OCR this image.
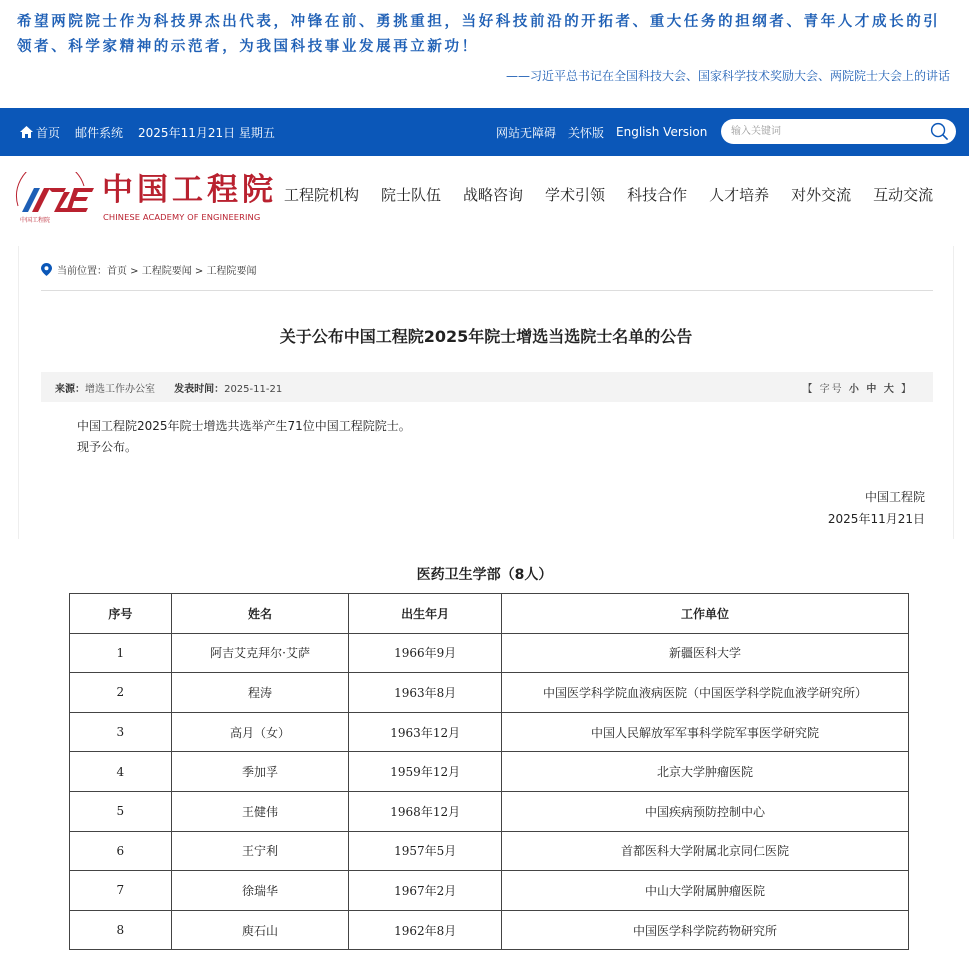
希望两院院士作为科技界杰出代表，冲锋在前、勇挑重担，当好科技前沿的开拓者、重大任务的担纲者、青年人才成长的引领者、科学家精神的示范者，为我国科技事业发展再立新功！
——习近平总书记在全国科技大会、国家科学技术奖励大会、两院院士大会上的讲话
首页 邮件系统 2025年11月21日 星期五	网站无障碍 关怀版 English Version
输入关键词
中国工程院
中国工程院
CHINESE ACADEMY OF ENGINEERING
工程院机构 院士队伍 战略咨询 学术引领 科技合作 人才培养 对外交流 互动交流
当前位置：首页 > 工程院要闻 > 工程院要闻
关于公布中国工程院2025年院士增选当选院士名单的公告
来源：增选工作办公室 发表时间：2025-11-21	【 字号 小 中 大 】
中国工程院2025年院士增选共选举产生71位中国工程院院士。
现予公布。
中国工程院
2025年11月21日
医药卫生学部（8人）
序号	姓名	出生年月	工作单位
1	阿吉艾克拜尔·艾萨	1966年9月	新疆医科大学
2	程涛	1963年8月	中国医学科学院血液病医院（中国医学科学院血液学研究所）
3	高月（女）	1963年12月	中国人民解放军军事科学院军事医学研究院
4	季加孚	1959年12月	北京大学肿瘤医院
5	王健伟	1968年12月	中国疾病预防控制中心
6	王宁利	1957年5月	首都医科大学附属北京同仁医院
7	徐瑞华	1967年2月	中山大学附属肿瘤医院
8	庾石山	1962年8月	中国医学科学院药物研究所
